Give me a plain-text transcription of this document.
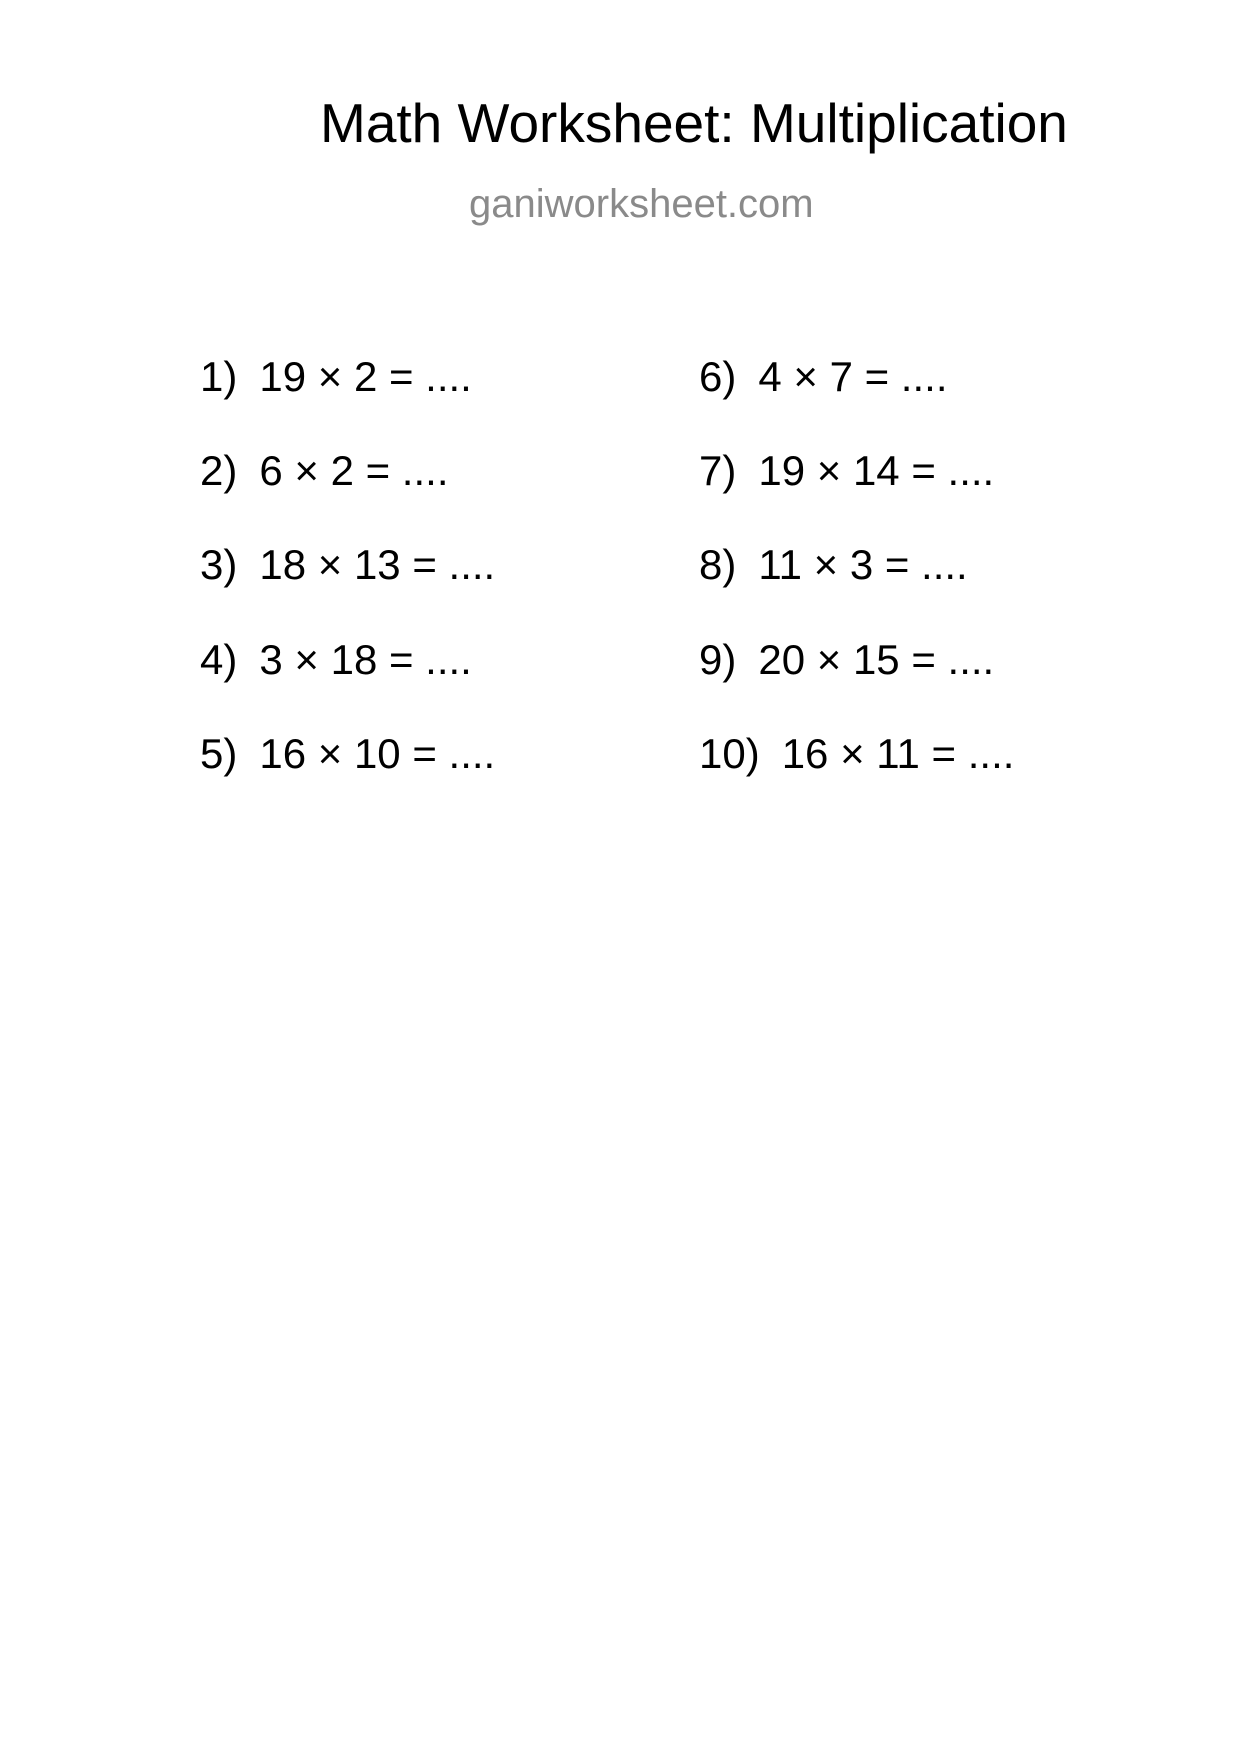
Math Worksheet: Multiplication
ganiworksheet.com
1) 19 × 2 = ....
2) 6 × 2 = ....
3) 18 × 13 = ....
4) 3 × 18 = ....
5) 16 × 10 = ....
6) 4 × 7 = ....
7) 19 × 14 = ....
8) 11 × 3 = ....
9) 20 × 15 = ....
10) 16 × 11 = ....
